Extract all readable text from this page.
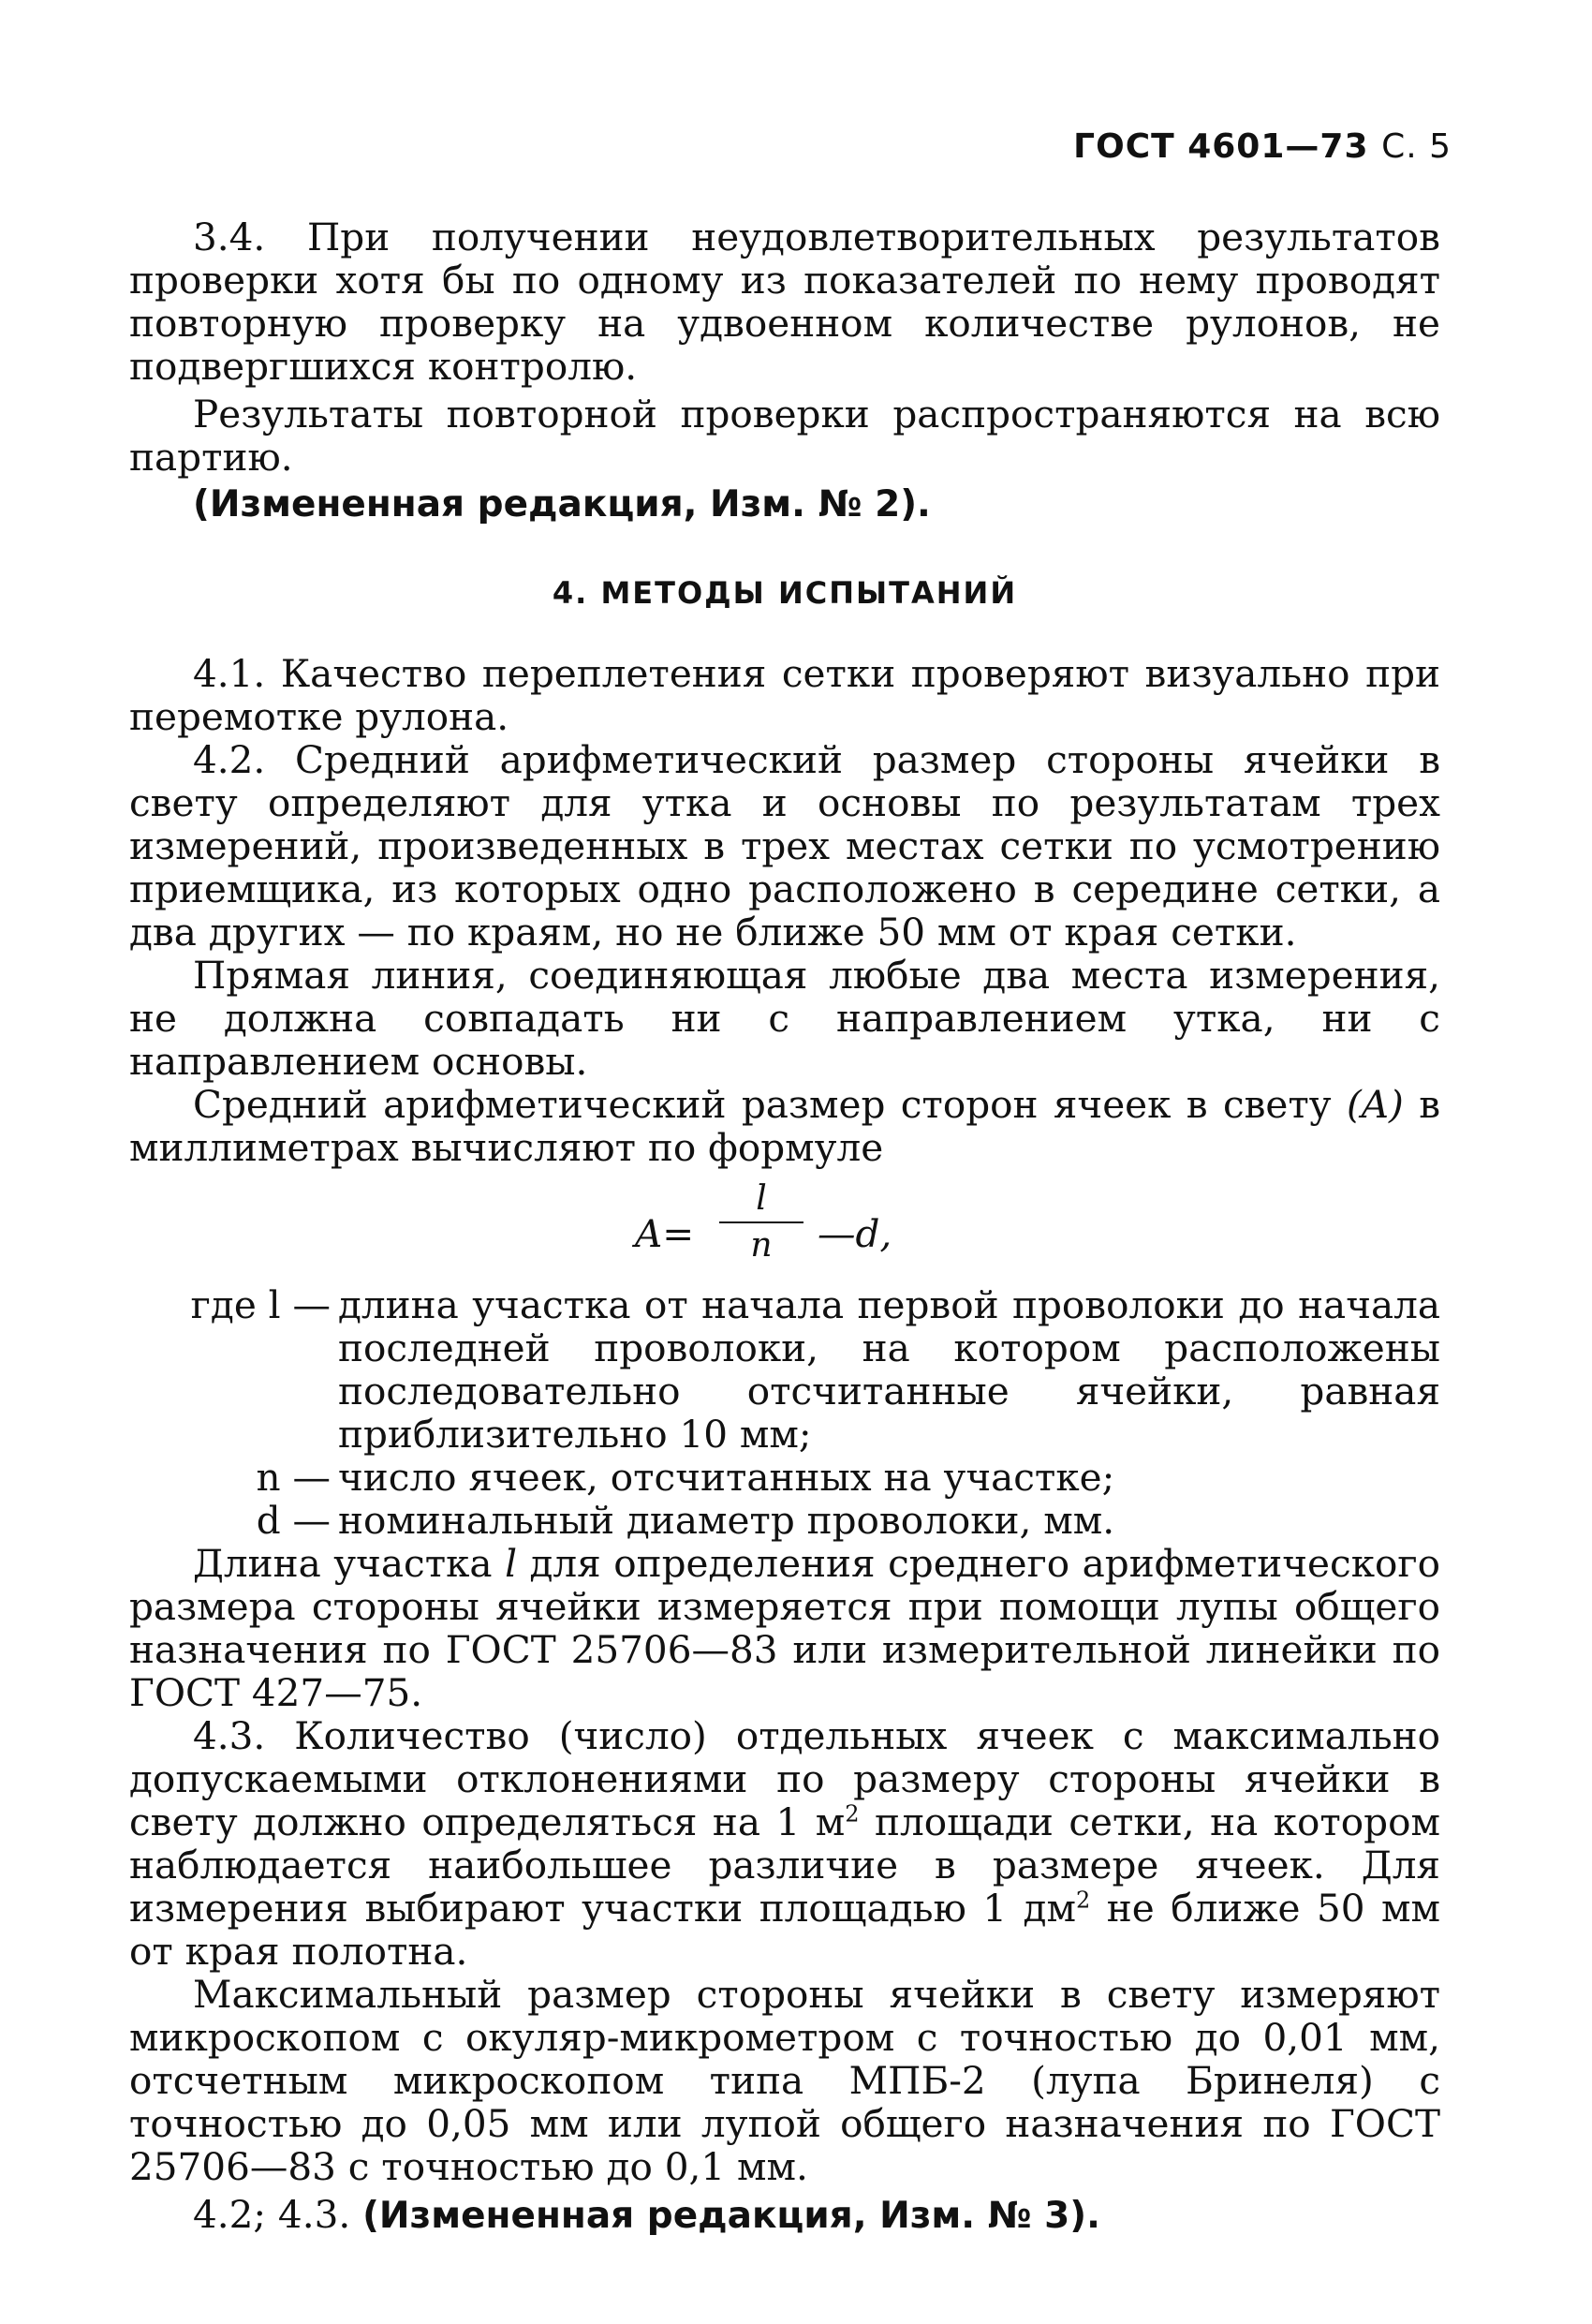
ГОСТ 4601—73 С. 5

3.4. При получении неудовлетворительных результатов проверки хотя бы по одному из показателей по нему проводят повторную проверку на удвоенном количестве рулонов, не подвергшихся контролю.

Результаты повторной проверки распространяются на всю партию.

(Измененная редакция, Изм. № 2).

4. МЕТОДЫ ИСПЫТАНИЙ

4.1. Качество переплетения сетки проверяют визуально при перемотке рулона.

4.2. Средний арифметический размер стороны ячейки в свету определяют для утка и основы по результатам трех измерений, произведенных в трех местах сетки по усмотрению приемщика, из которых одно расположено в середине сетки, а два других — по краям, но не ближе 50 мм от края сетки.

Прямая линия, соединяющая любые два места измерения, не должна совпадать ни с направлением утка, ни с направлением основы.

Средний арифметический размер сторон ячеек в свету (A) в миллиметрах вычисляют по формуле

A=
l
n	—d,
где l — длина участка от начала первой проволоки до начала последней проволоки, на котором расположены последовательно отсчитанные ячейки, равная приблизительно 10 мм;
n — число ячеек, отсчитанных на участке;
d — номинальный диаметр проволоки, мм.

Длина участка l для определения среднего арифметического размера стороны ячейки измеряется при помощи лупы общего назначения по ГОСТ 25706—83 или измерительной линейки по ГОСТ 427—75.

4.3. Количество (число) отдельных ячеек с максимально допускаемыми отклонениями по размеру стороны ячейки в свету должно определяться на 1 $м^2$ площади сетки, на котором наблюдается наибольшее различие в размере ячеек. Для измерения выбирают участки площадью 1 $дм^2$ не ближе 50 мм от края полотна.

Максимальный размер стороны ячейки в свету измеряют микроскопом с окуляр-микрометром с точностью до 0,01 мм, отсчетным микроскопом типа МПБ-2 (лупа Бринеля) с точностью до 0,05 мм или лупой общего назначения по ГОСТ 25706—83 с точностью до 0,1 мм.

4.2; 4.3. (Измененная редакция, Изм. № 3).
